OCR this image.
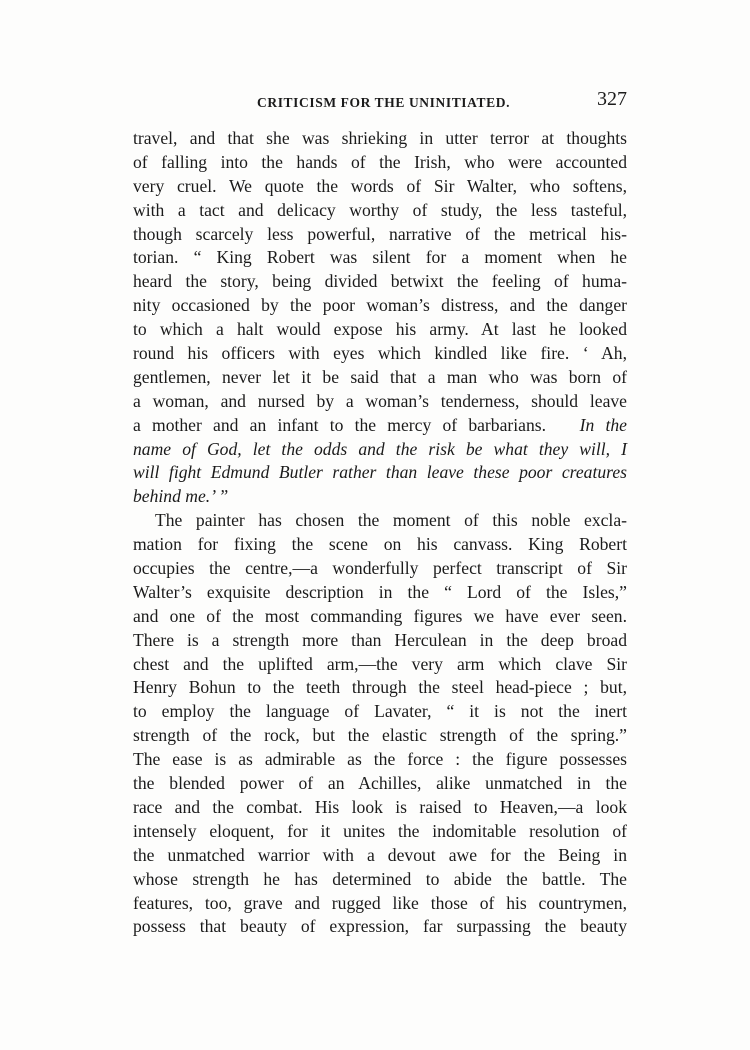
CRITICISM FOR THE UNINITIATED.	327
travel, and that she was shrieking in utter terror at thoughts
of falling into the hands of the Irish, who were accounted
very cruel. We quote the words of Sir Walter, who softens,
with a tact and delicacy worthy of study, the less tasteful,
though scarcely less powerful, narrative of the metrical his-
torian. “ King Robert was silent for a moment when he
heard the story, being divided betwixt the feeling of huma-
nity occasioned by the poor woman’s distress, and the danger
to which a halt would expose his army. At last he looked
round his officers with eyes which kindled like fire. ‘ Ah,
gentlemen, never let it be said that a man who was born of
a woman, and nursed by a woman’s tenderness, should leave
a mother and an infant to the mercy of barbarians. In the
name of God, let the odds and the risk be what they will, I
will fight Edmund Butler rather than leave these poor creatures
behind me.’ ”
The painter has chosen the moment of this noble excla-
mation for fixing the scene on his canvass. King Robert
occupies the centre,—a wonderfully perfect transcript of Sir
Walter’s exquisite description in the “ Lord of the Isles,”
and one of the most commanding figures we have ever seen.
There is a strength more than Herculean in the deep broad
chest and the uplifted arm,—the very arm which clave Sir
Henry Bohun to the teeth through the steel head-piece ; but,
to employ the language of Lavater, “ it is not the inert
strength of the rock, but the elastic strength of the spring.”
The ease is as admirable as the force : the figure possesses
the blended power of an Achilles, alike unmatched in the
race and the combat. His look is raised to Heaven,—a look
intensely eloquent, for it unites the indomitable resolution of
the unmatched warrior with a devout awe for the Being in
whose strength he has determined to abide the battle. The
features, too, grave and rugged like those of his countrymen,
possess that beauty of expression, far surpassing the beauty
